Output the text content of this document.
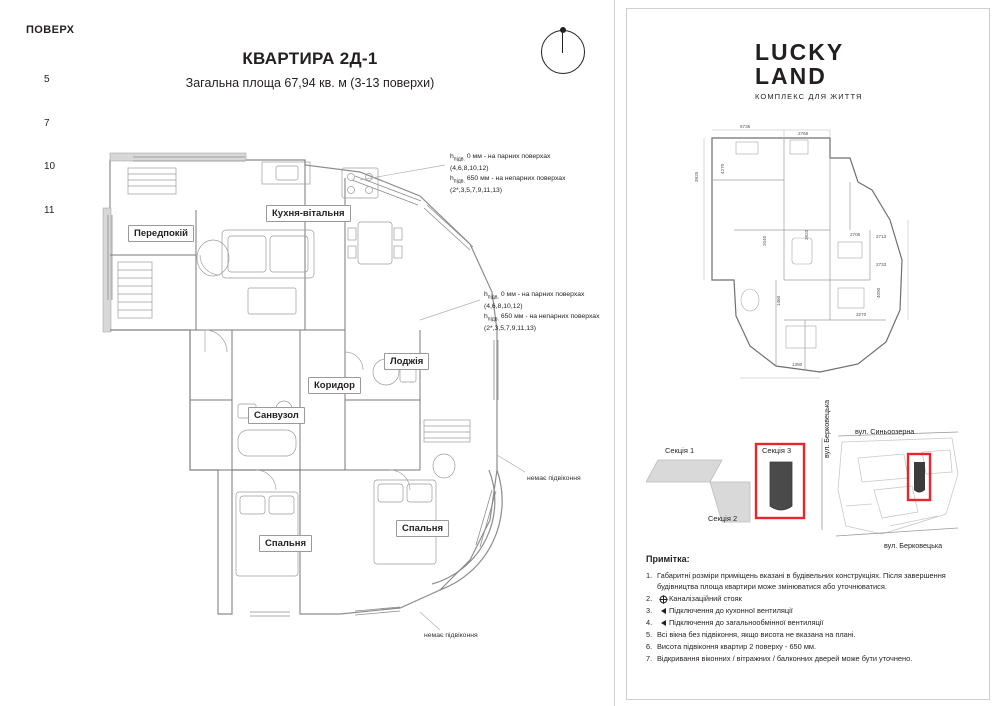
ПОВЕРХ

5

7

10

11

КВАРТИРА 2Д-1
Загальна площа 67,94 кв. м (3-13 поверхи)
LUCKY
LAND
КОМПЛЕКС ДЛЯ ЖИТТЯ
Передпокій
Кухня-вітальня
Лоджія
Коридор
Санвузол
Спальня
Спальня
немає підвіконня
немає підвіконня
$h_{підв.}$ 0 мм - на парних поверхах
(4,6,8,10,12)
$h_{підв.}$ 650 мм - на непарних поверхах
(2*,3,5,7,9,11,13)
$h_{підв.}$ 0 мм - на парних поверхах
(4,6,8,10,12)
$h_{підв.}$ 650 мм - на непарних поверхах
(2*,3,5,7,9,11,13)
6735
3925
4270
2766
2040
3920	2706	2713
2733
4090
1460
3270
1380
Секція 1
Секція 2
Секція 3
вул. Синьоозерна
вул. Берковецька
вул. Берковецька
Примітка:
1. Габаритні розміри приміщень вказані в будівельних конструкціях. Після завершення будівництва площа квартири може змінюватися або уточнюватися.
2.	Каналізаційний стояк
3.	Підключення до кухонної вентиляції
4.	Підключення до загальнообмінної вентиляції
5. Всі вікна без підвіконня, якщо висота не вказана на плані.
6. Висота підвіконня квартир 2 поверху - 650 мм.
7. Відкривання віконних / вітражних / балконних дверей може бути уточнено.
